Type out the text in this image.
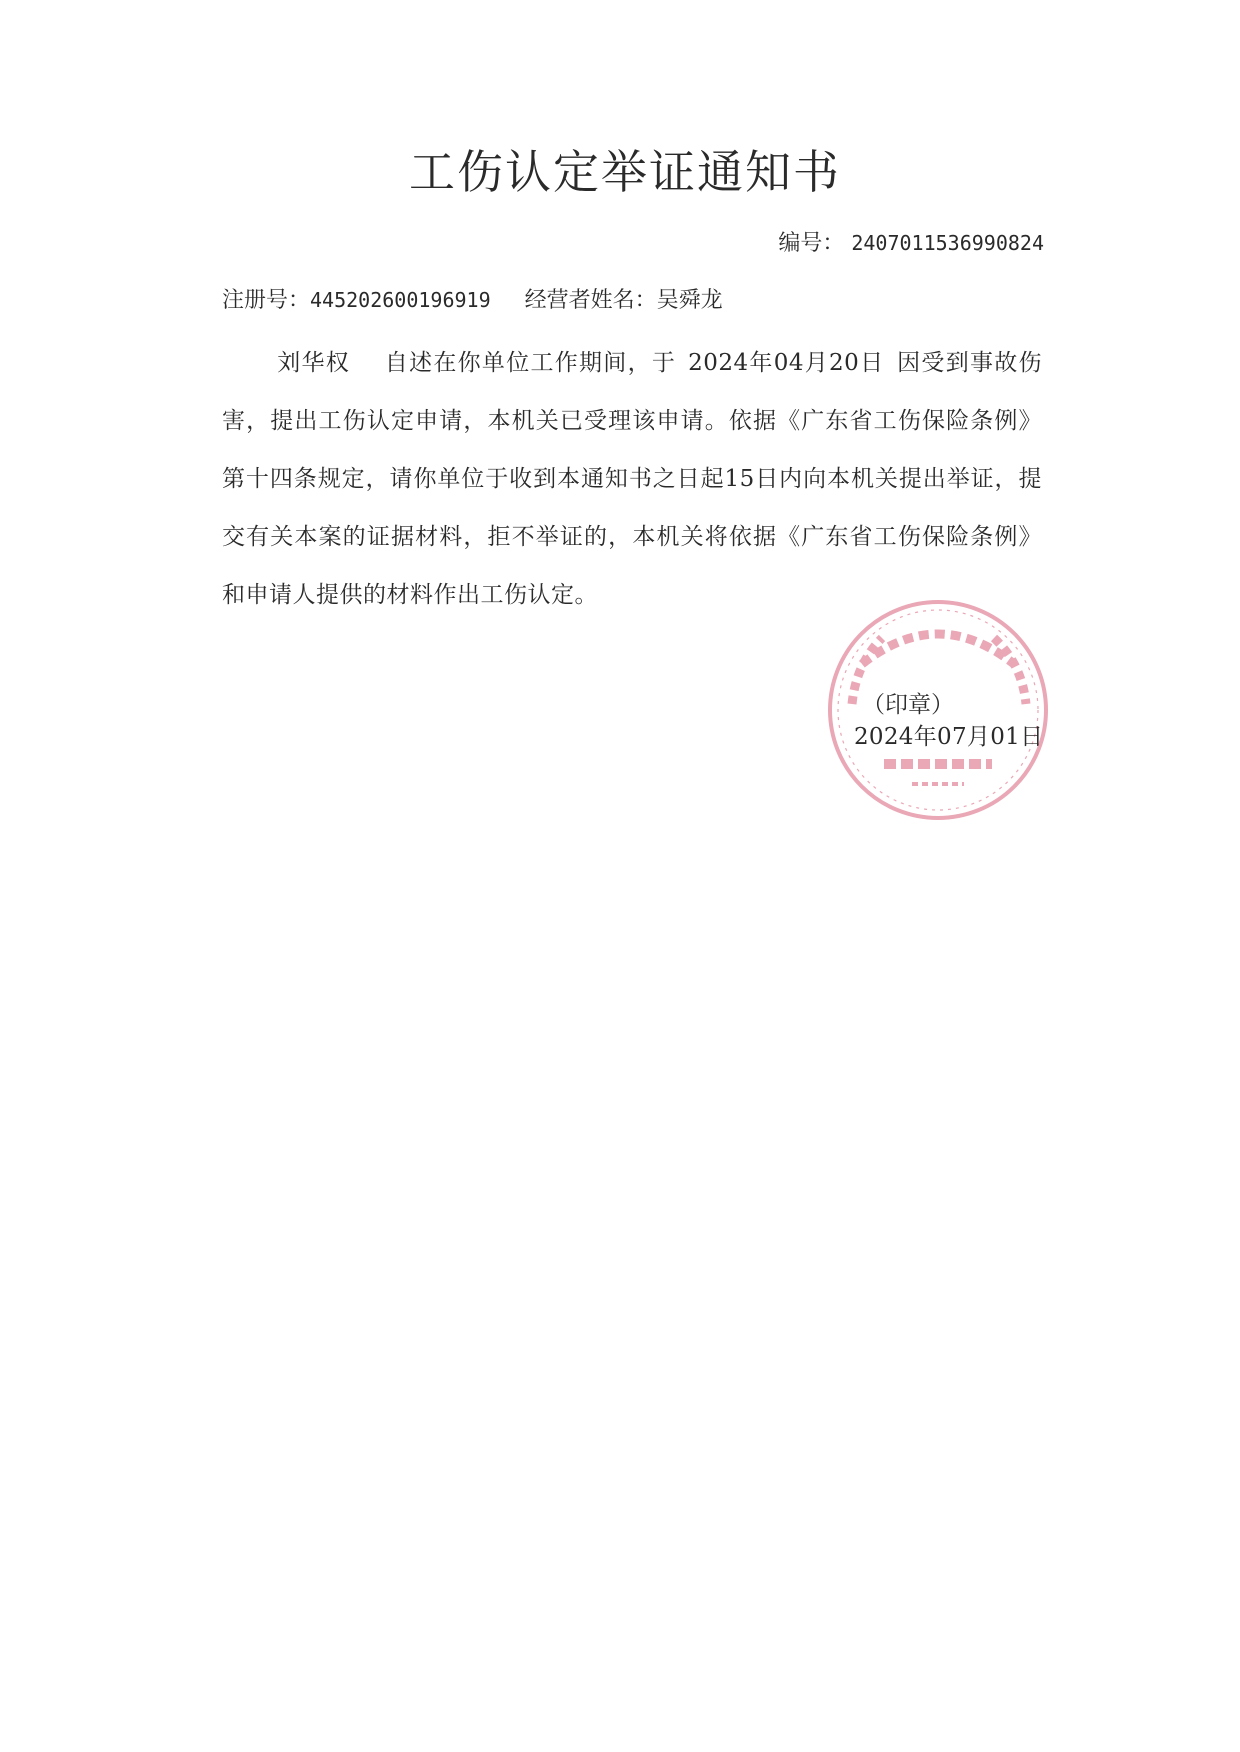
工伤认定举证通知书
编号： 2407011536990824
注册号：445202600196919 经营者姓名：吴舜龙

刘华权 自述在你单位工作期间，于 2024年04月20日 因受到事故伤害，提出工伤认定申请，本机关已受理该申请。依据《广东省工伤保险条例》第十四条规定，请你单位于收到本通知书之日起15日内向本机关提出举证，提交有关本案的证据材料，拒不举证的，本机关将依据《广东省工伤保险条例》和申请人提供的材料作出工伤认定。

（印章）
2024年07月01日
